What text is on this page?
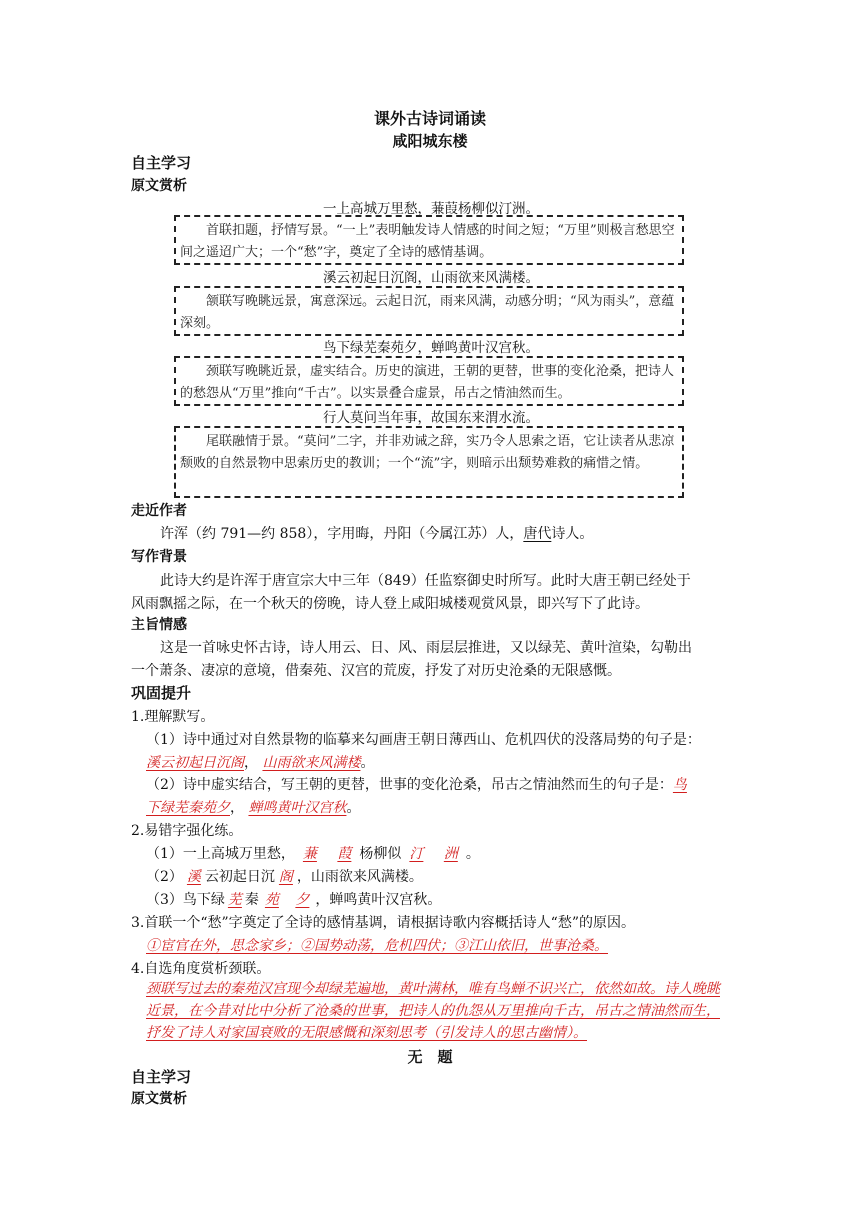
课外古诗词诵读
咸阳城东楼
自主学习
原文赏析
一上高城万里愁，蒹葭杨柳似汀洲。
首联扣题，抒情写景。“一上”表明触发诗人情感的时间之短；“万里”则极言愁思空间之遥迢广大；一个“愁”字，奠定了全诗的感情基调。
溪云初起日沉阁，山雨欲来风满楼。
颔联写晚眺远景，寓意深远。云起日沉，雨来风满，动感分明；“风为雨头”，意蕴深刻。
鸟下绿芜秦苑夕，蝉鸣黄叶汉宫秋。
颈联写晚眺近景，虚实结合。历史的演进，王朝的更替，世事的变化沧桑，把诗人的愁怨从“万里”推向“千古”。以实景叠合虚景，吊古之情油然而生。
行人莫问当年事，故国东来渭水流。
尾联融情于景。“莫问”二字，并非劝诫之辞，实乃令人思索之语，它让读者从悲凉颓败的自然景物中思索历史的教训；一个“流”字，则暗示出颓势难救的痛惜之情。
走近作者
许浑（约 791—约 858），字用晦，丹阳（今属江苏）人，唐代诗人。
写作背景
此诗大约是许浑于唐宣宗大中三年（849）任监察御史时所写。此时大唐王朝已经处于
风雨飘摇之际，在一个秋天的傍晚，诗人登上咸阳城楼观赏风景，即兴写下了此诗。
主旨情感
这是一首咏史怀古诗，诗人用云、日、风、雨层层推进，又以绿芜、黄叶渲染，勾勒出
一个萧条、凄凉的意境，借秦苑、汉宫的荒废，抒发了对历史沧桑的无限感慨。
巩固提升
1.理解默写。
（1）诗中通过对自然景物的临摹来勾画唐王朝日薄西山、危机四伏的没落局势的句子是：
溪云初起日沉阁， 山雨欲来风满楼。
（2）诗中虚实结合，写王朝的更替，世事的变化沧桑，吊古之情油然而生的句子是：鸟
下绿芜秦苑夕， 蝉鸣黄叶汉宫秋。
2.易错字强化练。
（1）一上高城万里愁， 蒹 葭 杨柳似 汀 洲 。
（2） 溪 云初起日沉 阁 ，山雨欲来风满楼。
（3）鸟下绿 芜 秦 苑 夕 ，蝉鸣黄叶汉宫秋。
3.首联一个“愁”字奠定了全诗的感情基调，请根据诗歌内容概括诗人“愁”的原因。
①宦官在外，思念家乡；②国势动荡，危机四伏；③江山依旧，世事沧桑。
4.自选角度赏析颈联。
颈联写过去的秦苑汉宫现今却绿芜遍地，黄叶满林，唯有鸟蝉不识兴亡，依然如故。诗人晚眺近景，在今昔对比中分析了沧桑的世事，把诗人的仇怨从万里推向千古，吊古之情油然而生，抒发了诗人对家国衰败的无限感慨和深刻思考（引发诗人的思古幽情）。
无　题
自主学习
原文赏析
